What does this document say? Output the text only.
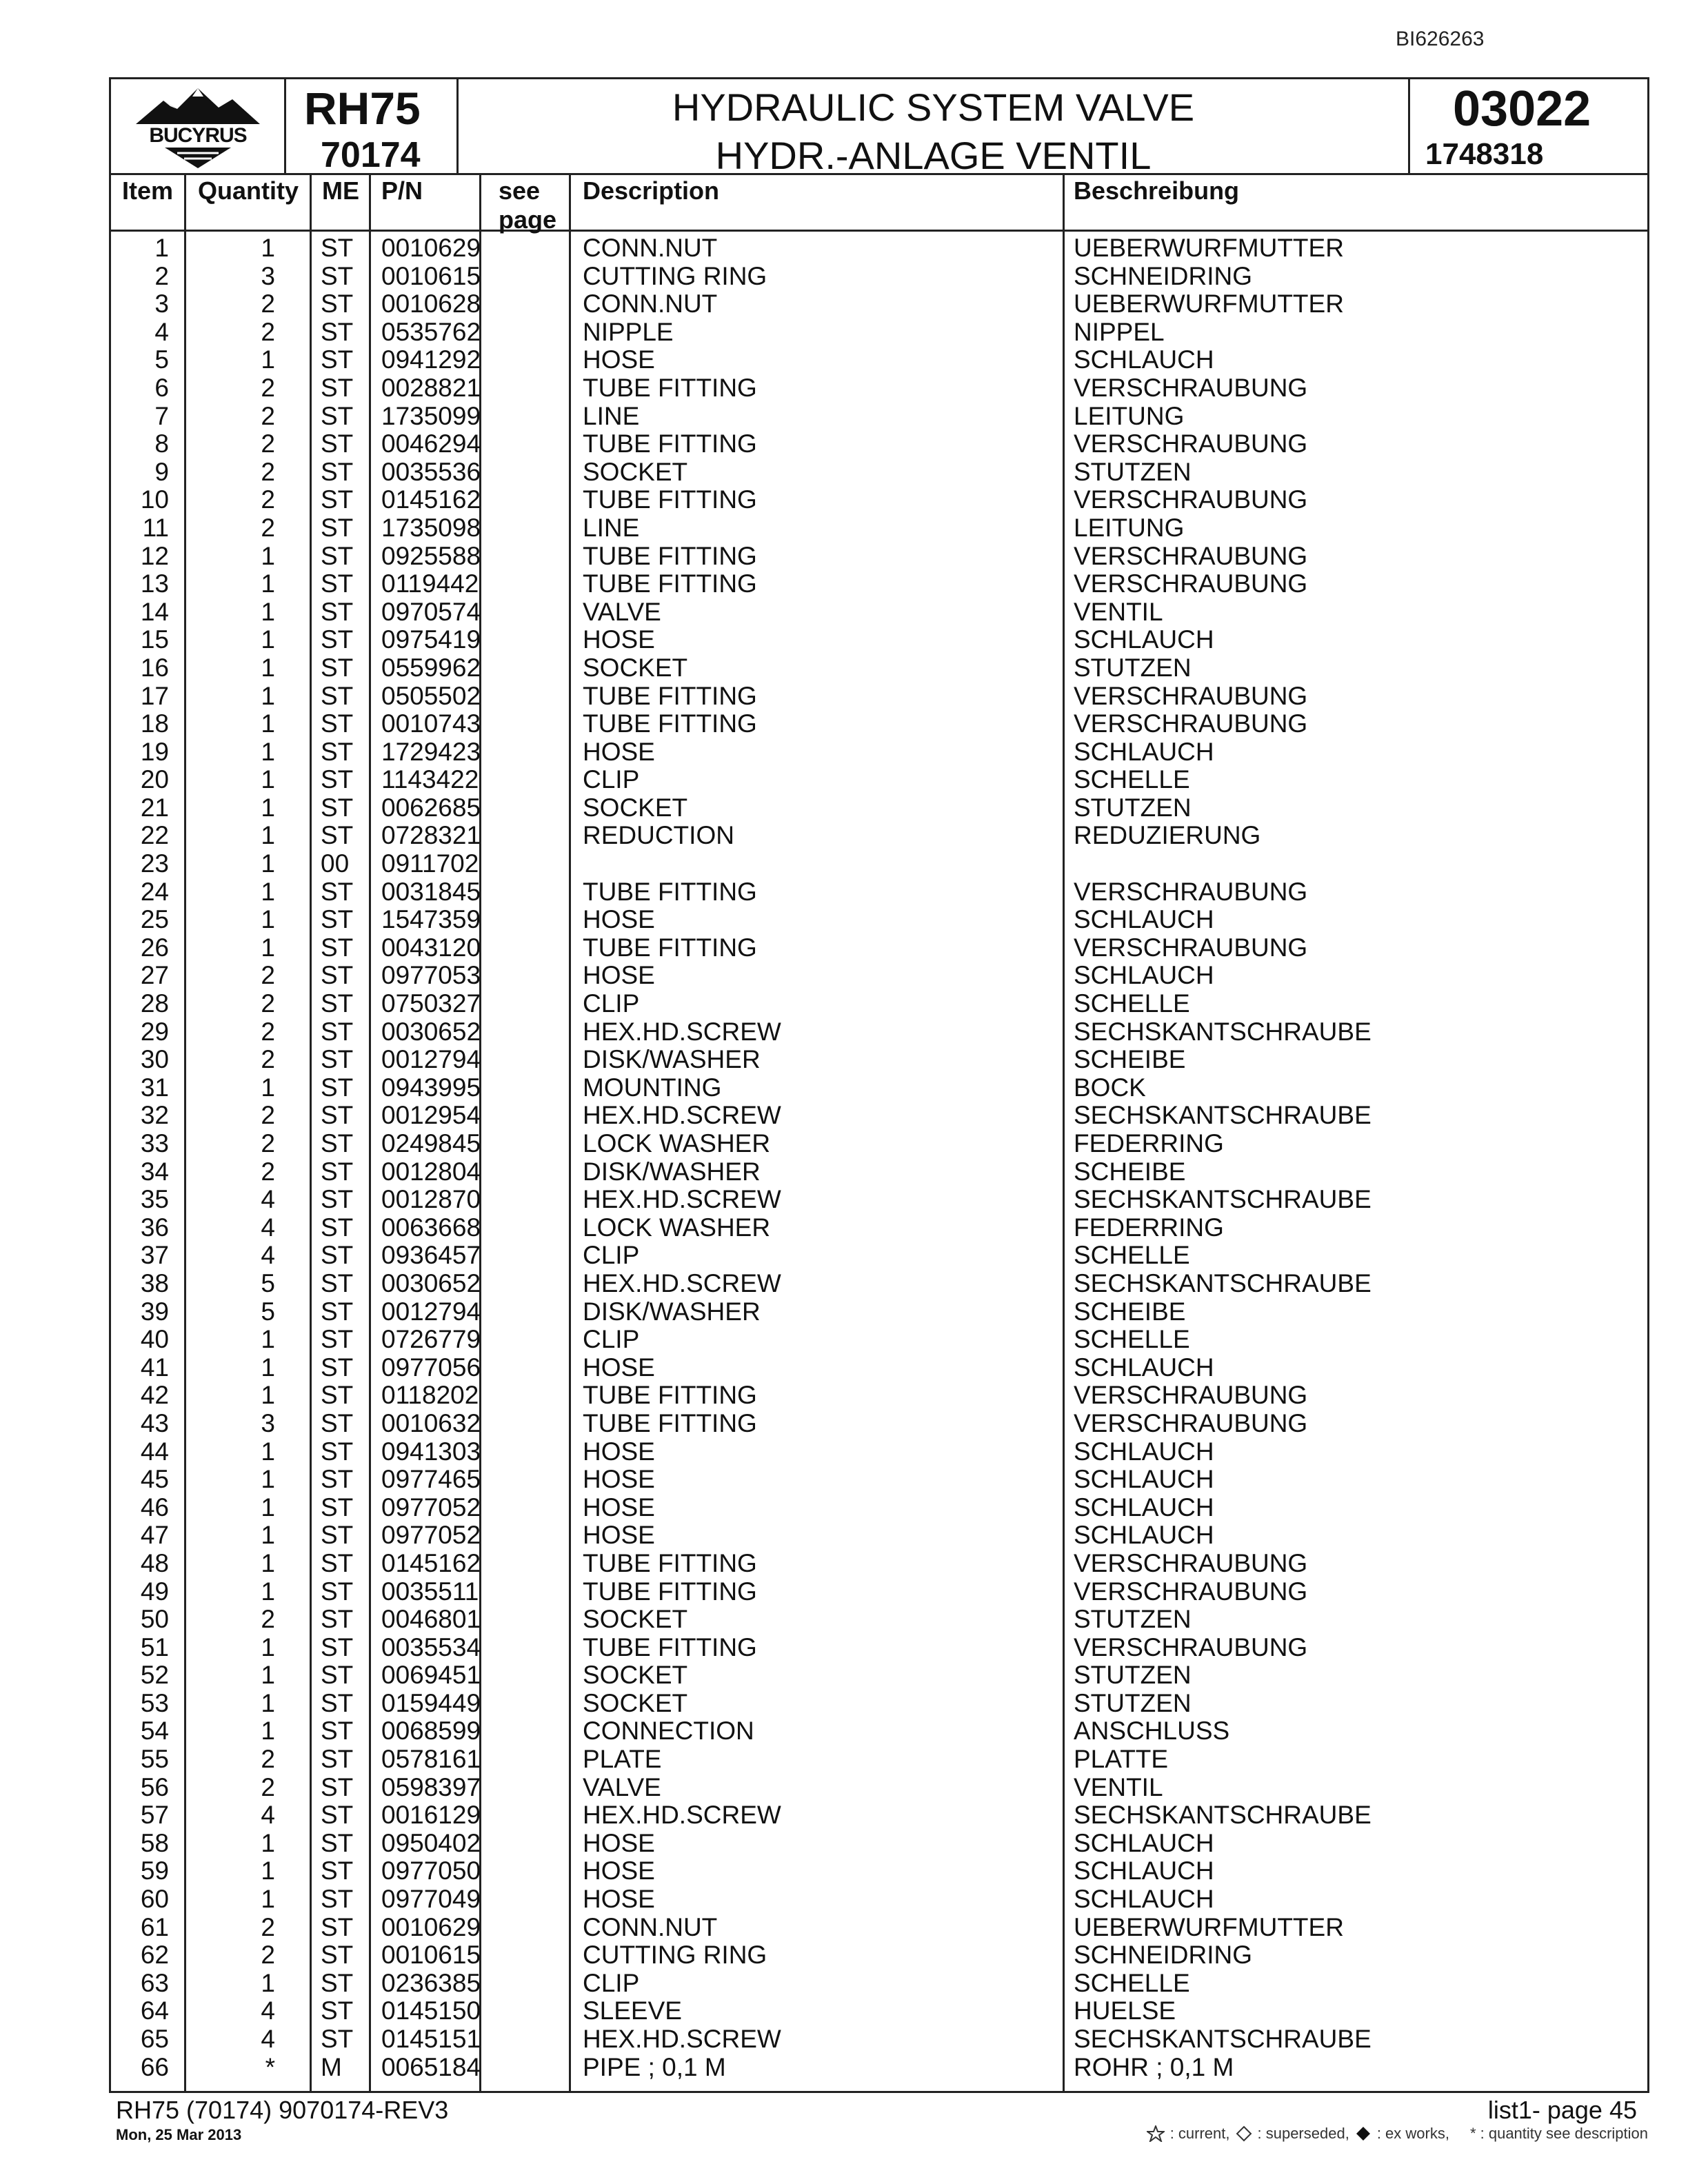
BI626263
BUCYRUS
RH75
70174
HYDRAULIC SYSTEM VALVE
HYDR.-ANLAGE VENTIL
03022
1748318
Item Quantity ME P/N	see
page
Description	Beschreibung
1	1 ST 0010629	CONN.NUT	UEBERWURFMUTTER
2	3 ST 0010615	CUTTING RING	SCHNEIDRING
3	2 ST 0010628	CONN.NUT	UEBERWURFMUTTER
4	2 ST 0535762	NIPPLE	NIPPEL
5	1 ST 0941292	HOSE	SCHLAUCH
6	2 ST 0028821	TUBE FITTING	VERSCHRAUBUNG
7	2 ST 1735099	LINE	LEITUNG
8	2 ST 0046294	TUBE FITTING	VERSCHRAUBUNG
9	2 ST 0035536	SOCKET	STUTZEN
10	2 ST 0145162	TUBE FITTING	VERSCHRAUBUNG
11	2 ST 1735098	LINE	LEITUNG
12	1 ST 0925588	TUBE FITTING	VERSCHRAUBUNG
13	1 ST 0119442	TUBE FITTING	VERSCHRAUBUNG
14	1 ST 0970574	VALVE	VENTIL
15	1 ST 0975419	HOSE	SCHLAUCH
16	1 ST 0559962	SOCKET	STUTZEN
17	1 ST 0505502	TUBE FITTING	VERSCHRAUBUNG
18	1 ST 0010743	TUBE FITTING	VERSCHRAUBUNG
19	1 ST 1729423	HOSE	SCHLAUCH
20	1 ST 1143422	CLIP	SCHELLE
21	1 ST 0062685	SOCKET	STUTZEN
22	1 ST 0728321	REDUCTION	REDUZIERUNG
23	1 00 0911702
24	1 ST 0031845	TUBE FITTING	VERSCHRAUBUNG
25	1 ST 1547359	HOSE	SCHLAUCH
26	1 ST 0043120	TUBE FITTING	VERSCHRAUBUNG
27	2 ST 0977053	HOSE	SCHLAUCH
28	2 ST 0750327	CLIP	SCHELLE
29	2 ST 0030652	HEX.HD.SCREW	SECHSKANTSCHRAUBE
30	2 ST 0012794	DISK/WASHER	SCHEIBE
31	1 ST 0943995	MOUNTING	BOCK
32	2 ST 0012954	HEX.HD.SCREW	SECHSKANTSCHRAUBE
33	2 ST 0249845	LOCK WASHER	FEDERRING
34	2 ST 0012804	DISK/WASHER	SCHEIBE
35	4 ST 0012870	HEX.HD.SCREW	SECHSKANTSCHRAUBE
36	4 ST 0063668	LOCK WASHER	FEDERRING
37	4 ST 0936457	CLIP	SCHELLE
38	5 ST 0030652	HEX.HD.SCREW	SECHSKANTSCHRAUBE
39	5 ST 0012794	DISK/WASHER	SCHEIBE
40	1 ST 0726779	CLIP	SCHELLE
41	1 ST 0977056	HOSE	SCHLAUCH
42	1 ST 0118202	TUBE FITTING	VERSCHRAUBUNG
43	3 ST 0010632	TUBE FITTING	VERSCHRAUBUNG
44	1 ST 0941303	HOSE	SCHLAUCH
45	1 ST 0977465	HOSE	SCHLAUCH
46	1 ST 0977052	HOSE	SCHLAUCH
47	1 ST 0977052	HOSE	SCHLAUCH
48	1 ST 0145162	TUBE FITTING	VERSCHRAUBUNG
49	1 ST 0035511	TUBE FITTING	VERSCHRAUBUNG
50	2 ST 0046801	SOCKET	STUTZEN
51	1 ST 0035534	TUBE FITTING	VERSCHRAUBUNG
52	1 ST 0069451	SOCKET	STUTZEN
53	1 ST 0159449	SOCKET	STUTZEN
54	1 ST 0068599	CONNECTION	ANSCHLUSS
55	2 ST 0578161	PLATE	PLATTE
56	2 ST 0598397	VALVE	VENTIL
57	4 ST 0016129	HEX.HD.SCREW	SECHSKANTSCHRAUBE
58	1 ST 0950402	HOSE	SCHLAUCH
59	1 ST 0977050	HOSE	SCHLAUCH
60	1 ST 0977049	HOSE	SCHLAUCH
61	2 ST 0010629	CONN.NUT	UEBERWURFMUTTER
62	2 ST 0010615	CUTTING RING	SCHNEIDRING
63	1 ST 0236385	CLIP	SCHELLE
64	4 ST 0145150	SLEEVE	HUELSE
65	4 ST 0145151	HEX.HD.SCREW	SECHSKANTSCHRAUBE
66	* M 0065184	PIPE ; 0,1 M	ROHR ; 0,1 M
RH75 (70174) 9070174-REV3
Mon, 25 Mar 2013
list1- page 45
: current, : superseded, : ex works, * : quantity see description
